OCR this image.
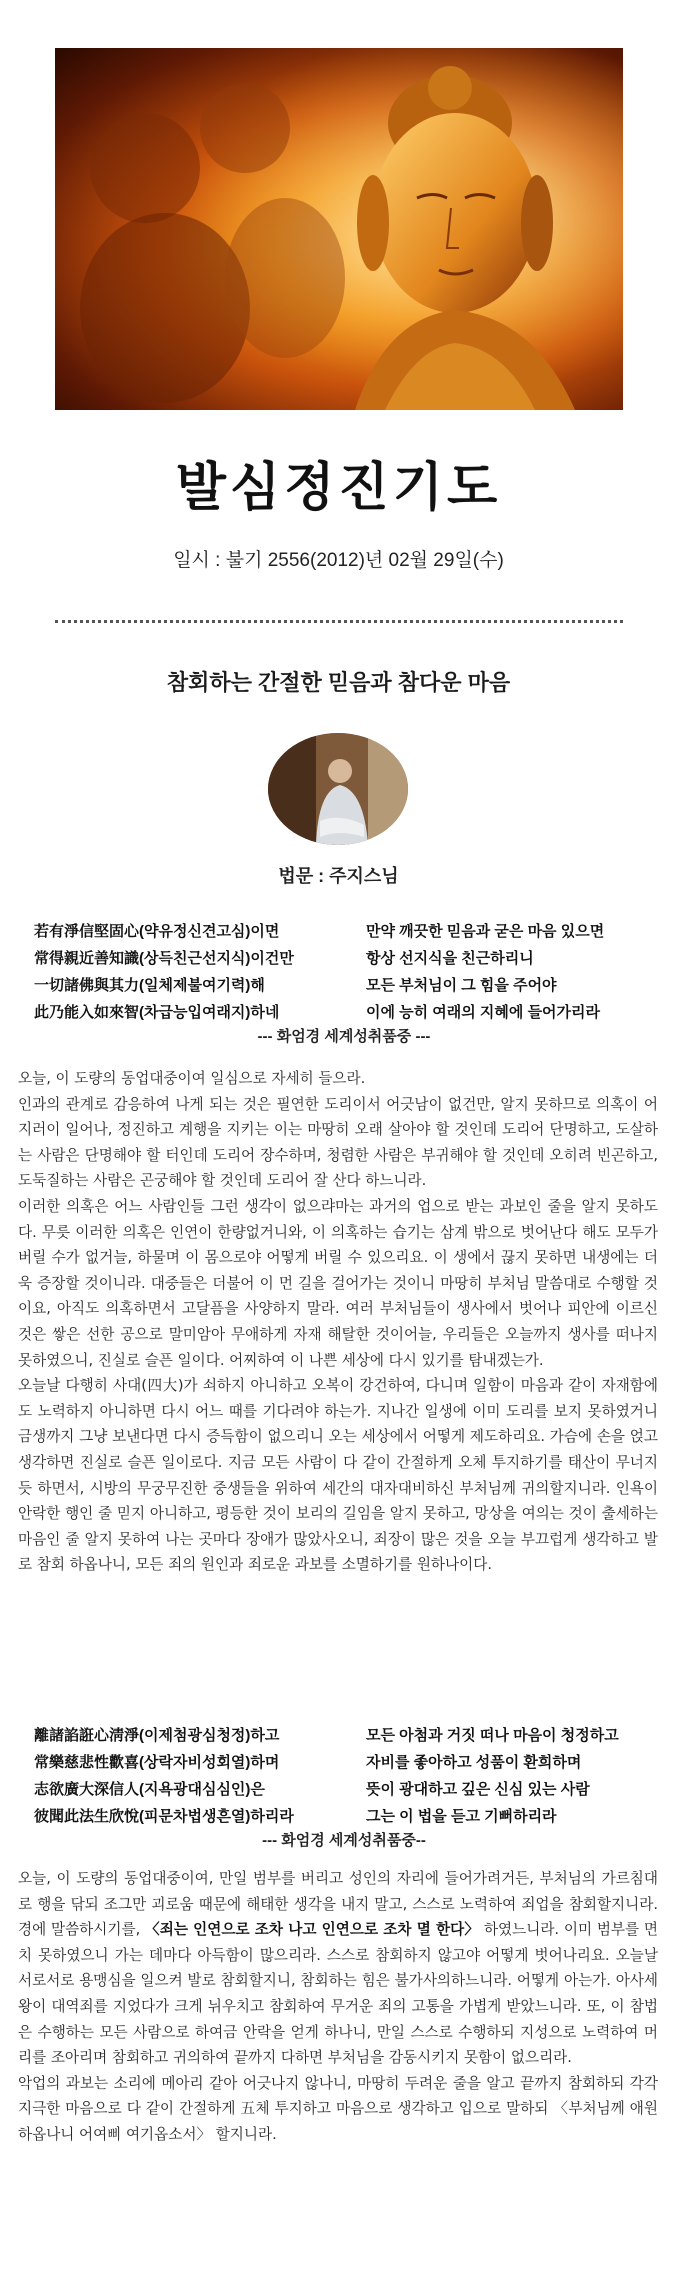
발심정진기도
일시 : 불기 2556(2012)년 02월 29일(수)
참회하는 간절한 믿음과 참다운 마음
법문 : 주지스님
若有淨信堅固心(약유정신견고심)이면	만약 깨끗한 믿음과 굳은 마음 있으면
常得親近善知識(상득친근선지식)이건만	항상 선지식을 친근하리니
一切諸佛與其力(일체제불여기력)해	모든 부처님이 그 힘을 주어야
此乃能入如來智(차급능입여래지)하네	이에 능히 여래의 지혜에 들어가리라
--- 화엄경 세계성취품중 ---

오늘, 이 도량의 동업대중이여 일심으로 자세히 들으라.

인과의 관계로 감응하여 나게 되는 것은 필연한 도리이서 어긋남이 없건만, 알지 못하므로 의혹이 어지러이 일어나, 정진하고 계행을 지키는 이는 마땅히 오래 살아야 할 것인데 도리어 단명하고, 도살하는 사람은 단명해야 할 터인데 도리어 장수하며, 청렴한 사람은 부귀해야 할 것인데 오히려 빈곤하고, 도둑질하는 사람은 곤궁해야 할 것인데 도리어 잘 산다 하느니라.

이러한 의혹은 어느 사람인들 그런 생각이 없으랴마는 과거의 업으로 받는 과보인 줄을 알지 못하도다. 무릇 이러한 의혹은 인연이 한량없거니와, 이 의혹하는 습기는 삼계 밖으로 벗어난다 해도 모두가 버릴 수가 없거늘, 하물며 이 몸으로야 어떻게 버릴 수 있으리요. 이 생에서 끊지 못하면 내생에는 더욱 증장할 것이니라. 대중들은 더불어 이 먼 길을 걸어가는 것이니 마땅히 부처님 말씀대로 수행할 것이요, 아직도 의혹하면서 고달픔을 사양하지 말라. 여러 부처님들이 생사에서 벗어나 피안에 이르신 것은 쌓은 선한 공으로 말미암아 무애하게 자재 해탈한 것이어늘, 우리들은 오늘까지 생사를 떠나지 못하였으니, 진실로 슬픈 일이다. 어찌하여 이 나쁜 세상에 다시 있기를 탐내겠는가.

오늘날 다행히 사대(四大)가 쇠하지 아니하고 오복이 강건하여, 다니며 일함이 마음과 같이 자재함에도 노력하지 아니하면 다시 어느 때를 기다려야 하는가. 지나간 일생에 이미 도리를 보지 못하였거니 금생까지 그냥 보낸다면 다시 증득함이 없으리니 오는 세상에서 어떻게 제도하리요. 가슴에 손을 얹고 생각하면 진실로 슬픈 일이로다. 지금 모든 사람이 다 같이 간절하게 오체 투지하기를 태산이 무너지듯 하면서, 시방의 무궁무진한 중생들을 위하여 세간의 대자대비하신 부처님께 귀의할지니라. 인욕이 안락한 행인 줄 믿지 아니하고, 평등한 것이 보리의 길임을 알지 못하고, 망상을 여의는 것이 출세하는 마음인 줄 알지 못하여 나는 곳마다 장애가 많았사오니, 죄장이 많은 것을 오늘 부끄럽게 생각하고 발로 참회 하옵나니, 모든 죄의 원인과 죄로운 과보를 소멸하기를 원하나이다.

離諸諂誑心淸淨(이제첨광심청정)하고	모든 아첨과 거짓 떠나 마음이 청정하고
常樂慈悲性歡喜(상락자비성회열)하며	자비를 좋아하고 성품이 환희하며
志欲廣大深信人(지욕광대심심인)은	뜻이 광대하고 깊은 신심 있는 사람
彼聞此法生欣悅(피문차법생흔열)하리라	그는 이 법을 듣고 기뻐하리라
--- 화엄경 세계성취품중--

오늘, 이 도량의 동업대중이여, 만일 범부를 버리고 성인의 자리에 들어가려거든, 부처님의 가르침대로 행을 닦되 조그만 괴로움 때문에 해태한 생각을 내지 말고, 스스로 노력하여 죄업을 참회할지니라. 경에 말씀하시기를, 〈죄는 인연으로 조차 나고 인연으로 조차 멸 한다〉 하였느니라. 이미 범부를 면치 못하였으니 가는 데마다 아득함이 많으리라. 스스로 참회하지 않고야 어떻게 벗어나리요. 오늘날 서로서로 용맹심을 일으켜 발로 참회할지니, 참회하는 힘은 불가사의하느니라. 어떻게 아는가. 아사세왕이 대역죄를 지었다가 크게 뉘우치고 참회하여 무거운 죄의 고통을 가볍게 받았느니라. 또, 이 참법은 수행하는 모든 사람으로 하여금 안락을 얻게 하나니, 만일 스스로 수행하되 지성으로 노력하여 머리를 조아리며 참회하고 귀의하여 끝까지 다하면 부처님을 감동시키지 못함이 없으리라.

악업의 과보는 소리에 메아리 같아 어긋나지 않나니, 마땅히 두려운 줄을 알고 끝까지 참회하되 각각 지극한 마음으로 다 같이 간절하게 五체 투지하고 마음으로 생각하고 입으로 말하되 〈부처님께 애원 하옵나니 어여삐 여기옵소서〉 할지니라.
